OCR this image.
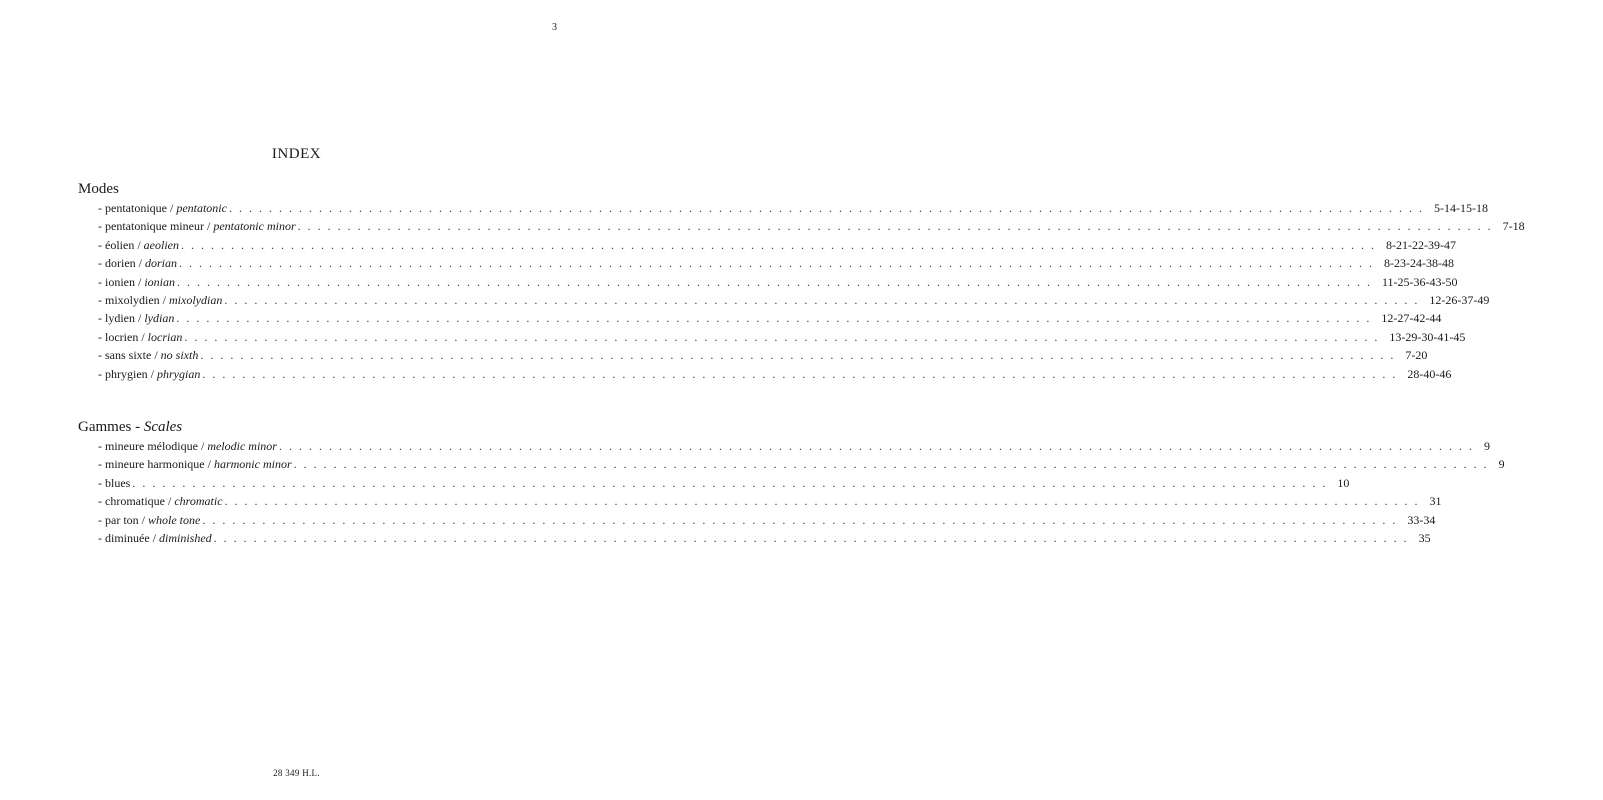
3
INDEX
Modes
- pentatonique / pentatonic . . . . . . . . . . . . . . . . . . . . . . . . . . . . . . . . . . . . . . . . . . . . . . . . . . . . . . . . . . . . . . . . . . . . . . . . . . . . . . . . . . . . . . . . . . . . . . . . . . . . . . . . . . . . . . . . . . . . . . . . 5-14-15-18
- pentatonique mineur / pentatonic minor . . . . . . . . . . . . . . . . . . . . . . . . . . . . . . . . . . . . . . . . . . . . . . . . . . . . . . . . . . . . . . . . . . . . . . . . . . . . . . . . . . . . . . . . . . . . . . . . . . . . . . . . . . . . . . . . . . . . . . . . 7-18
- éolien / aeolien . . . . . . . . . . . . . . . . . . . . . . . . . . . . . . . . . . . . . . . . . . . . . . . . . . . . . . . . . . . . . . . . . . . . . . . . . . . . . . . . . . . . . . . . . . . . . . . . . . . . . . . . . . . . . . . . . . . . . . . . 8-21-22-39-47
- dorien / dorian . . . . . . . . . . . . . . . . . . . . . . . . . . . . . . . . . . . . . . . . . . . . . . . . . . . . . . . . . . . . . . . . . . . . . . . . . . . . . . . . . . . . . . . . . . . . . . . . . . . . . . . . . . . . . . . . . . . . . . . . 8-23-24-38-48
- ionien / ionian . . . . . . . . . . . . . . . . . . . . . . . . . . . . . . . . . . . . . . . . . . . . . . . . . . . . . . . . . . . . . . . . . . . . . . . . . . . . . . . . . . . . . . . . . . . . . . . . . . . . . . . . . . . . . . . . . . . . . . . . 11-25-36-43-50
- mixolydien / mixolydian . . . . . . . . . . . . . . . . . . . . . . . . . . . . . . . . . . . . . . . . . . . . . . . . . . . . . . . . . . . . . . . . . . . . . . . . . . . . . . . . . . . . . . . . . . . . . . . . . . . . . . . . . . . . . . . . . . . . . . . . 12-26-37-49
- lydien / lydian . . . . . . . . . . . . . . . . . . . . . . . . . . . . . . . . . . . . . . . . . . . . . . . . . . . . . . . . . . . . . . . . . . . . . . . . . . . . . . . . . . . . . . . . . . . . . . . . . . . . . . . . . . . . . . . . . . . . . . . . 12-27-42-44
- locrien / locrian . . . . . . . . . . . . . . . . . . . . . . . . . . . . . . . . . . . . . . . . . . . . . . . . . . . . . . . . . . . . . . . . . . . . . . . . . . . . . . . . . . . . . . . . . . . . . . . . . . . . . . . . . . . . . . . . . . . . . . . . 13-29-30-41-45
- sans sixte / no sixth . . . . . . . . . . . . . . . . . . . . . . . . . . . . . . . . . . . . . . . . . . . . . . . . . . . . . . . . . . . . . . . . . . . . . . . . . . . . . . . . . . . . . . . . . . . . . . . . . . . . . . . . . . . . . . . . . . . . . . . . 7-20
- phrygien / phrygian . . . . . . . . . . . . . . . . . . . . . . . . . . . . . . . . . . . . . . . . . . . . . . . . . . . . . . . . . . . . . . . . . . . . . . . . . . . . . . . . . . . . . . . . . . . . . . . . . . . . . . . . . . . . . . . . . . . . . . . . 28-40-46
Gammes - Scales
- mineure mélodique / melodic minor . . . . . . . . . . . . . . . . . . . . . . . . . . . . . . . . . . . . . . . . . . . . . . . . . . . . . . . . . . . . . . . . . . . . . . . . . . . . . . . . . . . . . . . . . . . . . . . . . . . . . . . . . . . . . . . . . . . . . . . . 9
- mineure harmonique / harmonic minor . . . . . . . . . . . . . . . . . . . . . . . . . . . . . . . . . . . . . . . . . . . . . . . . . . . . . . . . . . . . . . . . . . . . . . . . . . . . . . . . . . . . . . . . . . . . . . . . . . . . . . . . . . . . . . . . . . . . . . . . 9
- blues . . . . . . . . . . . . . . . . . . . . . . . . . . . . . . . . . . . . . . . . . . . . . . . . . . . . . . . . . . . . . . . . . . . . . . . . . . . . . . . . . . . . . . . . . . . . . . . . . . . . . . . . . . . . . . . . . . . . . . . . 10
- chromatique / chromatic . . . . . . . . . . . . . . . . . . . . . . . . . . . . . . . . . . . . . . . . . . . . . . . . . . . . . . . . . . . . . . . . . . . . . . . . . . . . . . . . . . . . . . . . . . . . . . . . . . . . . . . . . . . . . . . . . . . . . . . . 31
- par ton / whole tone . . . . . . . . . . . . . . . . . . . . . . . . . . . . . . . . . . . . . . . . . . . . . . . . . . . . . . . . . . . . . . . . . . . . . . . . . . . . . . . . . . . . . . . . . . . . . . . . . . . . . . . . . . . . . . . . . . . . . . . . 33-34
- diminuée / diminished . . . . . . . . . . . . . . . . . . . . . . . . . . . . . . . . . . . . . . . . . . . . . . . . . . . . . . . . . . . . . . . . . . . . . . . . . . . . . . . . . . . . . . . . . . . . . . . . . . . . . . . . . . . . . . . . . . . . . . . . 35
28 349 H.L.
